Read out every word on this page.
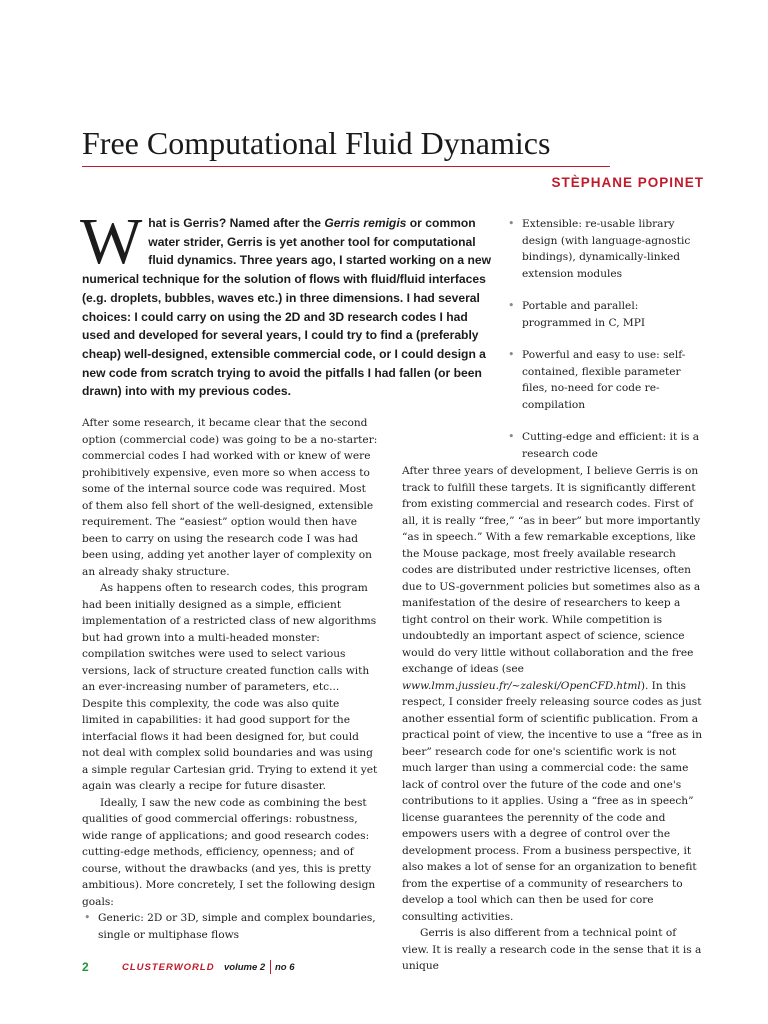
Free Computational Fluid Dynamics
STÈPHANE POPINET
What is Gerris? Named after the Gerris remigis or common water strider, Gerris is yet another tool for computational fluid dynamics. Three years ago, I started working on a new numerical technique for the solution of flows with fluid/fluid interfaces (e.g. droplets, bubbles, waves etc.) in three dimensions. I had several choices: I could carry on using the 2D and 3D research codes I had used and developed for several years, I could try to find a (preferably cheap) well-designed, extensible commercial code, or I could design a new code from scratch trying to avoid the pitfalls I had fallen (or been drawn) into with my previous codes.
• Extensible: re-usable library design (with language-agnostic bindings), dynamically-linked extension modules
• Portable and parallel: programmed in C, MPI
• Powerful and easy to use: self-contained, flexible parameter files, no-need for code re-compilation
• Cutting-edge and efficient: it is a research code

After some research, it became clear that the second option (commercial code) was going to be a no-starter: commercial codes I had worked with or knew of were prohibitively expensive, even more so when access to some of the internal source code was required. Most of them also fell short of the well-designed, extensible requirement. The “easiest” option would then have been to carry on using the research code I was had been using, adding yet another layer of complexity on an already shaky structure.

As happens often to research codes, this program had been initially designed as a simple, efficient implementation of a restricted class of new algorithms but had grown into a multi-headed monster: compilation switches were used to select various versions, lack of structure created function calls with an ever-increasing number of parameters, etc... Despite this complexity, the code was also quite limited in capabilities: it had good support for the interfacial flows it had been designed for, but could not deal with complex solid boundaries and was using a simple regular Cartesian grid. Trying to extend it yet again was clearly a recipe for future disaster.

Ideally, I saw the new code as combining the best qualities of good commercial offerings: robustness, wide range of applications; and good research codes: cutting-edge methods, efficiency, openness; and of course, without the drawbacks (and yes, this is pretty ambitious). More concretely, I set the following design goals:

• Generic: 2D or 3D, simple and complex boundaries, single or multiphase flows

After three years of development, I believe Gerris is on track to fulfill these targets. It is significantly different from existing commercial and research codes. First of all, it is really “free,” “as in beer” but more importantly “as in speech.” With a few remarkable exceptions, like the Mouse package, most freely available research codes are distributed under restrictive licenses, often due to US-government policies but sometimes also as a manifestation of the desire of researchers to keep a tight control on their work. While competition is undoubtedly an important aspect of science, science would do very little without collaboration and the free exchange of ideas (see www.lmm.jussieu.fr/~zaleski/OpenCFD.html). In this respect, I consider freely releasing source codes as just another essential form of scientific publication. From a practical point of view, the incentive to use a “free as in beer” research code for one's scientific work is not much larger than using a commercial code: the same lack of control over the future of the code and one's contributions to it applies. Using a “free as in speech” license guarantees the perennity of the code and empowers users with a degree of control over the development process. From a business perspective, it also makes a lot of sense for an organization to benefit from the expertise of a community of researchers to develop a tool which can then be used for core consulting activities.

Gerris is also different from a technical point of view. It is really a research code in the sense that it is a unique

2	CLUSTERWORLD volume 2 no 6
